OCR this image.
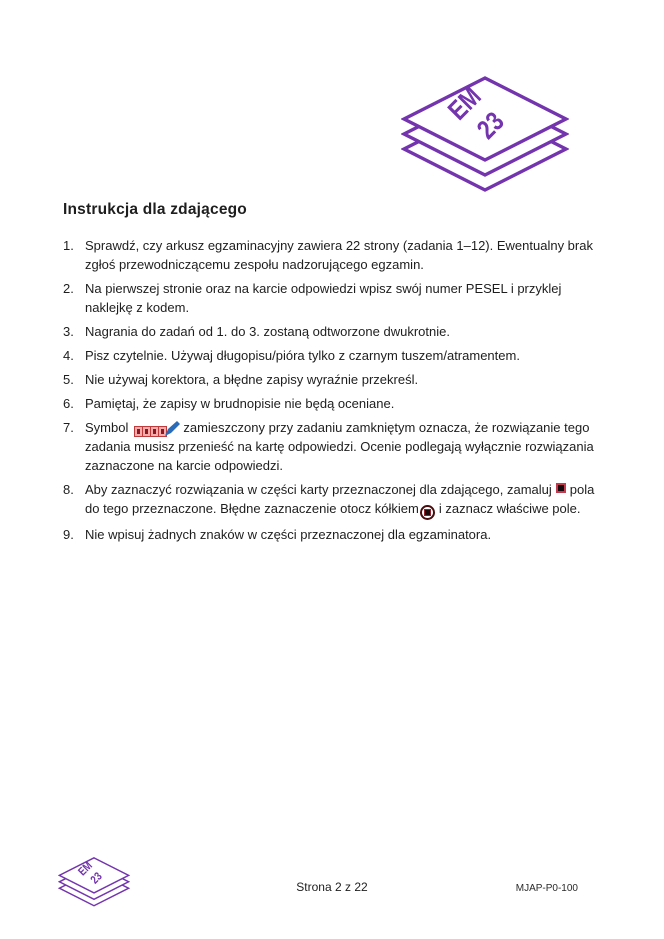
EM
23
Instrukcja dla zdającego
1. Sprawdź, czy arkusz egzaminacyjny zawiera 22 strony (zadania 1–12). Ewentualny brak zgłoś przewodniczącemu zespołu nadzorującego egzamin.
2. Na pierwszej stronie oraz na karcie odpowiedzi wpisz swój numer PESEL i przyklej naklejkę z kodem.
3. Nagrania do zadań od 1. do 3. zostaną odtworzone dwukrotnie.
4. Pisz czytelnie. Używaj długopisu/pióra tylko z czarnym tuszem/atramentem.
5. Nie używaj korektora, a błędne zapisy wyraźnie przekreśl.
6. Pamiętaj, że zapisy w brudnopisie nie będą oceniane.
7. Symbol	zamieszczony przy zadaniu zamkniętym oznacza, że rozwiązanie tego zadania musisz przenieść na kartę odpowiedzi. Ocenie podlegają wyłącznie rozwiązania zaznaczone na karcie odpowiedzi.
8. Aby zaznaczyć rozwiązania w części karty przeznaczonej dla zdającego, zamaluj pola do tego przeznaczone. Błędne zaznaczenie otocz kółkiem i zaznacz właściwe pole.
9. Nie wpisuj żadnych znaków w części przeznaczonej dla egzaminatora.
EM
23
Strona 2 z 22	MJAP-P0-100
